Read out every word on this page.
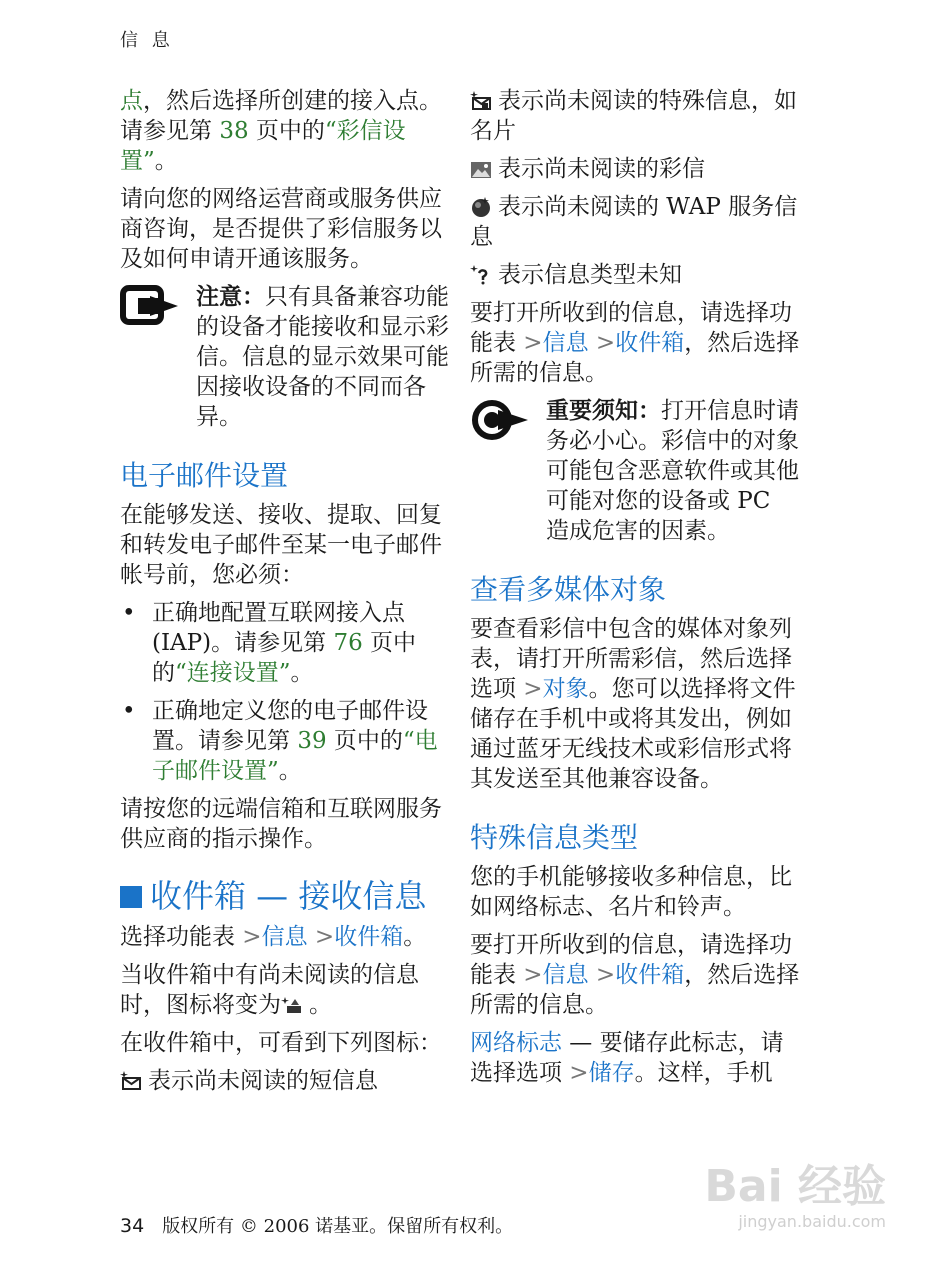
信 息

点，然后选择所创建的接入点。请参见第 38 页中的“彩信设置”。

请向您的网络运营商或服务供应商咨询，是否提供了彩信服务以及如何申请开通该服务。

注意：只有具备兼容功能的设备才能接收和显示彩信。信息的显示效果可能因接收设备的不同而各异。

电子邮件设置

在能够发送、接收、提取、回复和转发电子邮件至某一电子邮件帐号前，您必须：

• 正确地配置互联网接入点 (IAP)。请参见第 76 页中的“连接设置”。
• 正确地定义您的电子邮件设置。请参见第 39 页中的“电子邮件设置”。

请按您的远端信箱和互联网服务供应商的指示操作。

收件箱 — 接收信息

选择功能表 >信息 >收件箱。

当收件箱中有尚未阅读的信息时，图标将变为 。

在收件箱中，可看到下列图标：

表示尚未阅读的短信息

表示尚未阅读的特殊信息，如名片

表示尚未阅读的彩信

表示尚未阅读的 WAP 服务信息

表示信息类型未知

要打开所收到的信息，请选择功能表 >信息 >收件箱，然后选择所需的信息。

重要须知：打开信息时请务必小心。彩信中的对象可能包含恶意软件或其他可能对您的设备或 PC 造成危害的因素。

查看多媒体对象

要查看彩信中包含的媒体对象列表，请打开所需彩信，然后选择选项 >对象。您可以选择将文件储存在手机中或将其发出，例如通过蓝牙无线技术或彩信形式将其发送至其他兼容设备。

特殊信息类型

您的手机能够接收多种信息，比如网络标志、名片和铃声。

要打开所收到的信息，请选择功能表 >信息 >收件箱，然后选择所需的信息。

网络标志 — 要储存此标志，请选择选项 >储存。这样，手机

34 版权所有 © 2006 诺基亚。保留所有权利。
Bai 经验
jingyan.baidu.com
